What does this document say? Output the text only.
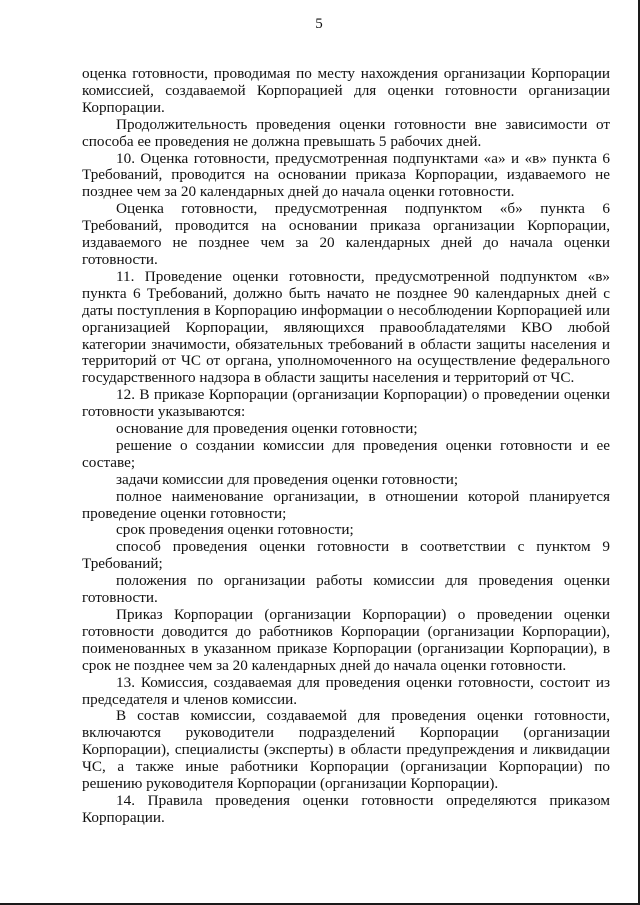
5

оценка готовности, проводимая по месту нахождения организации Корпорации комиссией, создаваемой Корпорацией для оценки готовности организации Корпорации.

Продолжительность проведения оценки готовности вне зависимости от способа ее проведения не должна превышать 5 рабочих дней.

10. Оценка готовности, предусмотренная подпунктами «а» и «в» пункта 6 Требований, проводится на основании приказа Корпорации, издаваемого не позднее чем за 20 календарных дней до начала оценки готовности.

Оценка готовности, предусмотренная подпунктом «б» пункта 6 Требований, проводится на основании приказа организации Корпорации, издаваемого не позднее чем за 20 календарных дней до начала оценки готовности.

11. Проведение оценки готовности, предусмотренной подпунктом «в» пункта 6 Требований, должно быть начато не позднее 90 календарных дней с даты поступления в Корпорацию информации о несоблюдении Корпорацией или организацией Корпорации, являющихся правообладателями КВО любой категории значимости, обязательных требований в области защиты населения и территорий от ЧС от органа, уполномоченного на осуществление федерального государственного надзора в области защиты населения и территорий от ЧС.

12. В приказе Корпорации (организации Корпорации) о проведении оценки готовности указываются:

основание для проведения оценки готовности;

решение о создании комиссии для проведения оценки готовности и ее составе;

задачи комиссии для проведения оценки готовности;

полное наименование организации, в отношении которой планируется проведение оценки готовности;

срок проведения оценки готовности;

способ проведения оценки готовности в соответствии с пунктом 9 Требований;

положения по организации работы комиссии для проведения оценки готовности.

Приказ Корпорации (организации Корпорации) о проведении оценки готовности доводится до работников Корпорации (организации Корпорации), поименованных в указанном приказе Корпорации (организации Корпорации), в срок не позднее чем за 20 календарных дней до начала оценки готовности.

13. Комиссия, создаваемая для проведения оценки готовности, состоит из председателя и членов комиссии.

В состав комиссии, создаваемой для проведения оценки готовности, включаются руководители подразделений Корпорации (организации Корпорации), специалисты (эксперты) в области предупреждения и ликвидации ЧС, а также иные работники Корпорации (организации Корпорации) по решению руководителя Корпорации (организации Корпорации).

14. Правила проведения оценки готовности определяются приказом Корпорации.
